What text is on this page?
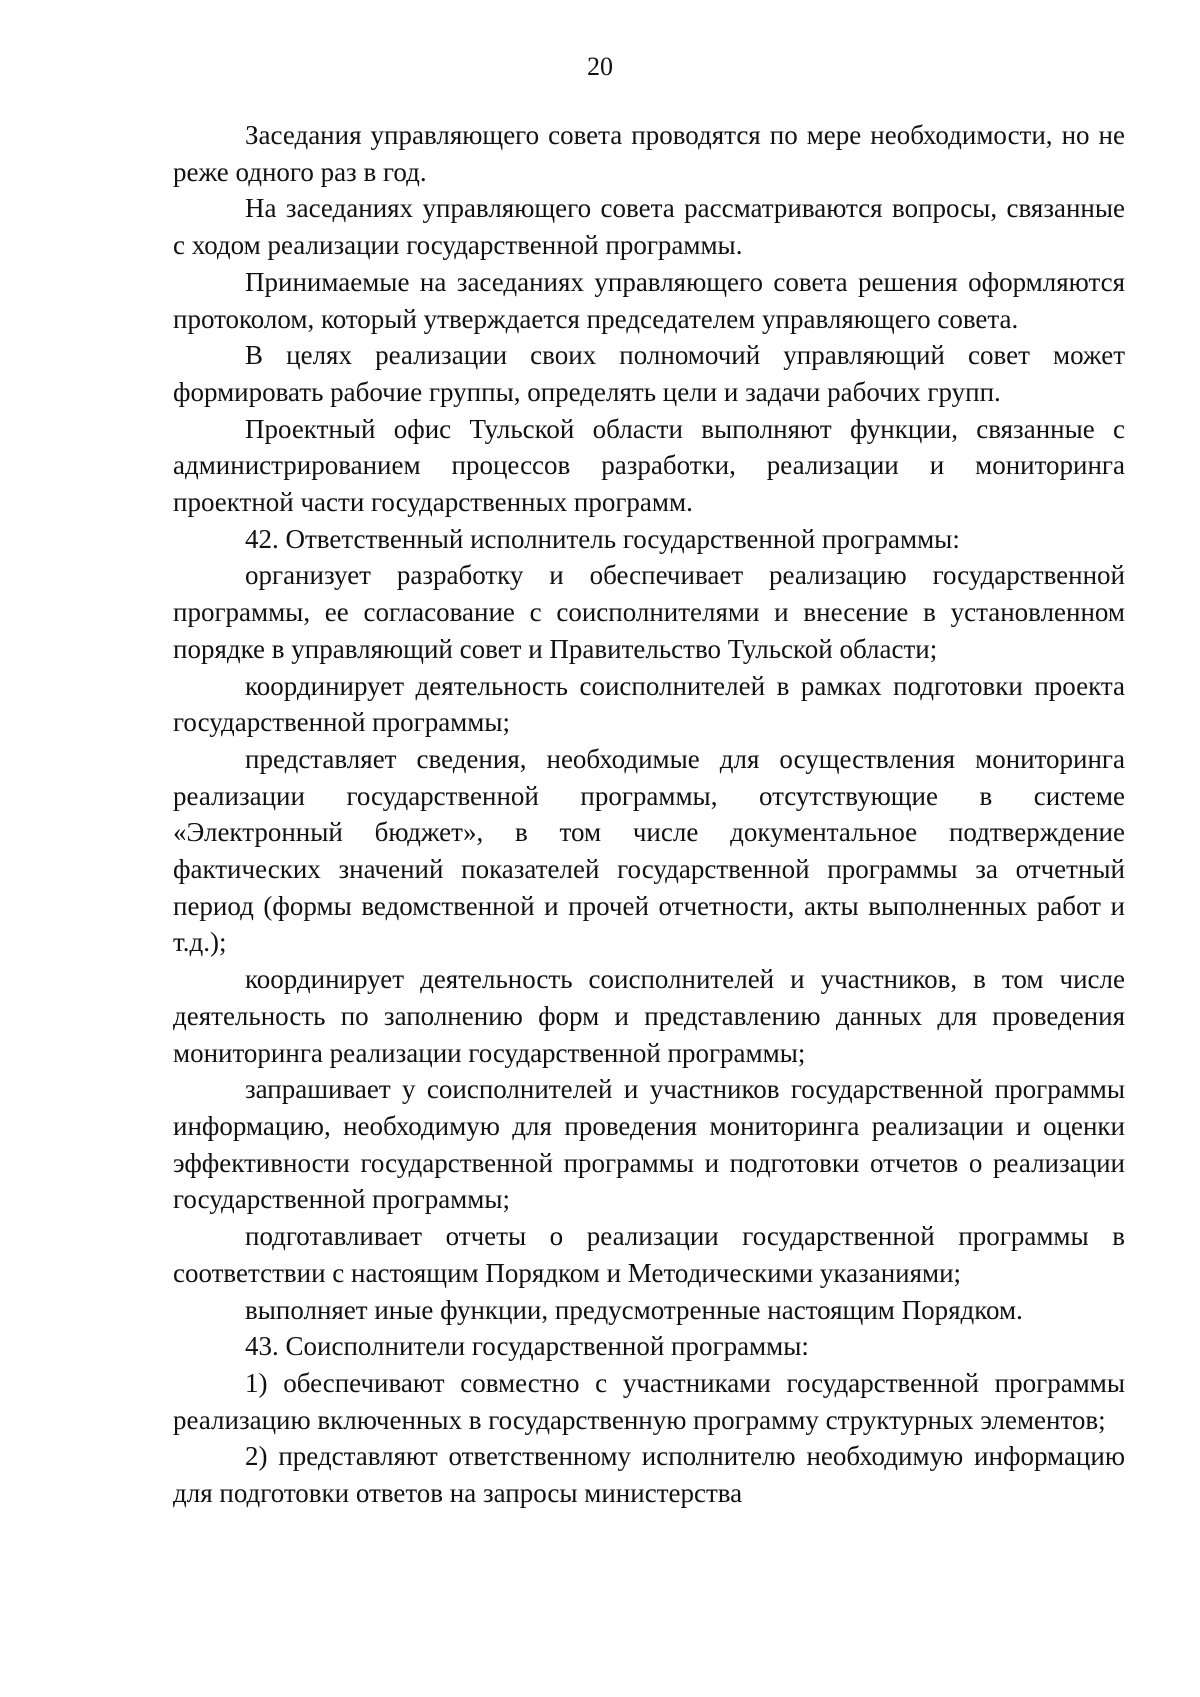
20

Заседания управляющего совета проводятся по мере необходимости, но не реже одного раз в год.

На заседаниях управляющего совета рассматриваются вопросы, связанные с ходом реализации государственной программы.

Принимаемые на заседаниях управляющего совета решения оформляются протоколом, который утверждается председателем управляющего совета.

В целях реализации своих полномочий управляющий совет может формировать рабочие группы, определять цели и задачи рабочих групп.

Проектный офис Тульской области выполняют функции, связанные с администрированием процессов разработки, реализации и мониторинга проектной части государственных программ.

42. Ответственный исполнитель государственной программы:

организует разработку и обеспечивает реализацию государственной программы, ее согласование с соисполнителями и внесение в установленном порядке в управляющий совет и Правительство Тульской области;

координирует деятельность соисполнителей в рамках подготовки проекта государственной программы;

представляет сведения, необходимые для осуществления мониторинга реализации государственной программы, отсутствующие в системе «Электронный бюджет», в том числе документальное подтверждение фактических значений показателей государственной программы за отчетный период (формы ведомственной и прочей отчетности, акты выполненных работ и т.д.);

координирует деятельность соисполнителей и участников, в том числе деятельность по заполнению форм и представлению данных для проведения мониторинга реализации государственной программы;

запрашивает у соисполнителей и участников государственной программы информацию, необходимую для проведения мониторинга реализации и оценки эффективности государственной программы и подготовки отчетов о реализации государственной программы;

подготавливает отчеты о реализации государственной программы в соответствии с настоящим Порядком и Методическими указаниями;

выполняет иные функции, предусмотренные настоящим Порядком.

43. Соисполнители государственной программы:

1) обеспечивают совместно с участниками государственной программы реализацию включенных в государственную программу структурных элементов;

2) представляют ответственному исполнителю необходимую информацию для подготовки ответов на запросы министерства
